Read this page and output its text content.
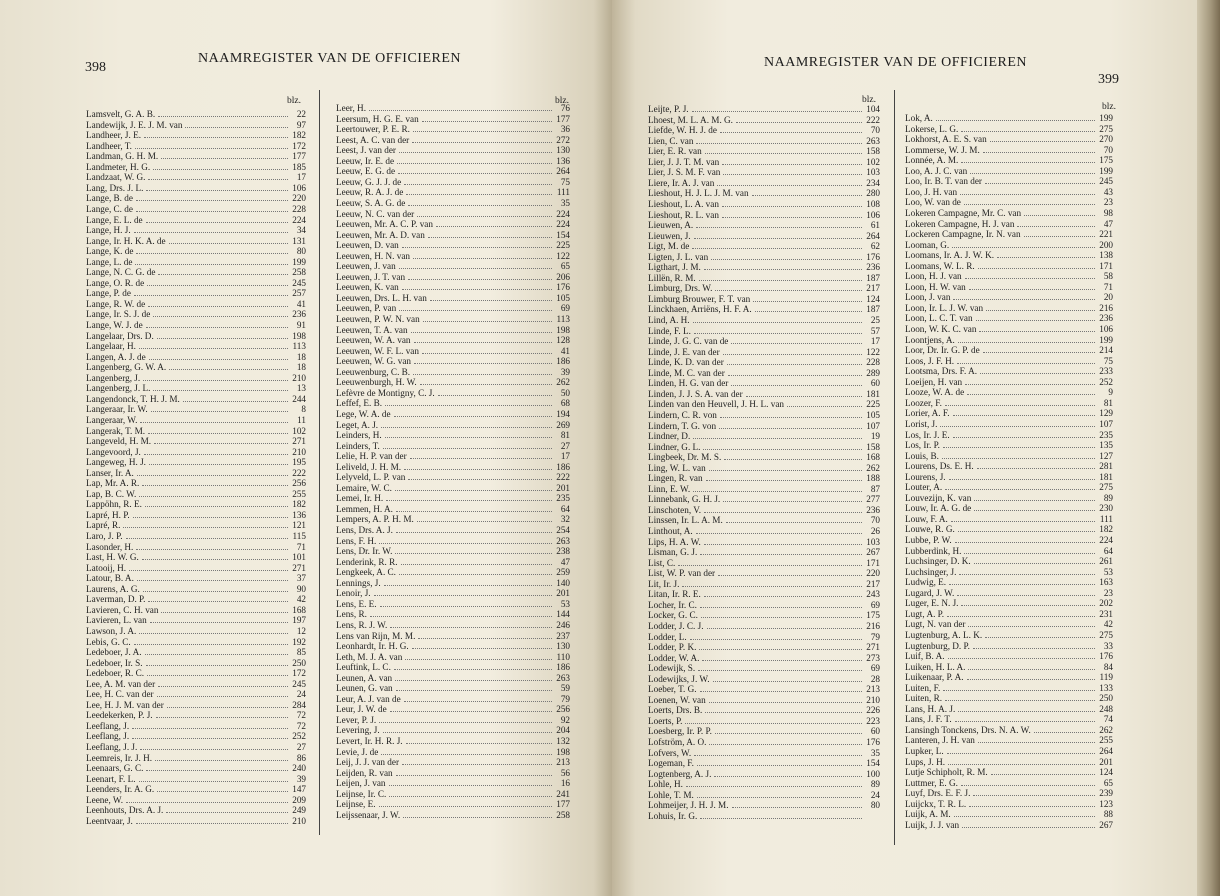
398
NAAMREGISTER VAN DE OFFICIEREN
blz.	blz.
Lamsvelt, G. A. B.	22
Landewijk, J. E. J. M. van	97
Landheer, J. E.	182
Landheer, T.	172
Landman, G. H. M.	177
Landmeter, H. G.	185
Landzaat, W. G.	17
Lang, Drs. J. L.	106
Lange, B. de	220
Lange, C. de	228
Lange, E. L. de	224
Lange, H. J.	34
Lange, Ir. H. K. A. de	131
Lange, K. de	80
Lange, L. de	199
Lange, N. C. G. de	258
Lange, O. R. de	245
Lange, P. de	257
Lange, R. W. de	41
Lange, Ir. S. J. de	236
Lange, W. J. de	91
Langelaar, Drs. D.	198
Langelaar, H.	113
Langen, A. J. de	18
Langenberg, G. W. A.	18
Langenberg, J.	210
Langenberg, J. L.	13
Langendonck, T. H. J. M.	244
Langeraar, Ir. W.	8
Langeraar, W.	11
Langerak, T. M.	102
Langeveld, H. M.	271
Langevoord, J.	210
Langeweg, H. J.	195
Lanser, Ir. A.	222
Lap, Mr. A. R.	256
Lap, B. C. W.	255
Lappöhn, R. E.	182
Lapré, H. P.	136
Lapré, R.	121
Laro, J. P.	115
Lasonder, H.	71
Last, H. W. G.	101
Latooij, H.	271
Latour, B. A.	37
Laurens, A. G.	90
Laverman, D. P.	42
Lavieren, C. H. van	168
Lavieren, L. van	197
Lawson, J. A.	12
Lebis, G. C.	192
Ledeboer, J. A.	85
Ledeboer, Ir. S.	250
Ledeboer, R. C.	172
Lee, A. M. van der	245
Lee, H. C. van der	24
Lee, H. J. M. van der	284
Leedekerken, P. J.	72
Leeflang, J.	72
Leeflang, J.	252
Leeflang, J. J.	27
Leemreis, Ir. J. H.	86
Leenaars, G. C.	240
Leenart, F. L.	39
Leenders, Ir. A. G.	147
Leene, W.	209
Leenhouts, Drs. A. J.	249
Leentvaar, J.	210
Leer, H.	76
Leersum, H. G. E. van	177
Leertouwer, P. E. R.	36
Leest, A. C. van der	272
Leest, J. van der	130
Leeuw, Ir. E. de	136
Leeuw, E. G. de	264
Leeuw, G. J. J. de	75
Leeuw, R. A. J. de	111
Leeuw, S. A. G. de	35
Leeuw, N. C. van der	224
Leeuwen, Mr. A. C. P. van	224
Leeuwen, Mr. A. D. van	154
Leeuwen, D. van	225
Leeuwen, H. N. van	122
Leeuwen, J. van	65
Leeuwen, J. T. van	206
Leeuwen, K. van	176
Leeuwen, Drs. L. H. van	105
Leeuwen, P. van	69
Leeuwen, P. W. N. van	113
Leeuwen, T. A. van	198
Leeuwen, W. A. van	128
Leeuwen, W. F. L. van	41
Leeuwen, W. G. van	186
Leeuwenburg, C. B.	39
Leeuwenburgh, H. W.	262
Lefèvre de Montigny, C. J.	50
Leffef, E. B.	68
Lege, W. A. de	194
Leget, A. J.	269
Leinders, H.	81
Leinders, T.	27
Lelie, H. P. van der	17
Leliveld, J. H. M.	186
Lelyveld, L. P. van	222
Lemaire, W. C.	201
Lemei, Ir. H.	235
Lemmen, H. A.	64
Lempers, A. P. H. M.	32
Lens, Drs. A. J.	254
Lens, F. H.	263
Lens, Dr. Ir. W.	238
Lenderink, R. R.	47
Lengkeek, A. C.	259
Lennings, J.	140
Lenoir, J.	201
Lens, E. E.	53
Lens, R.	144
Lens, R. J. W.	246
Lens van Rijn, M. M.	237
Leonhardt, Ir. H. G.	130
Leth, M. J. A. van	110
Leuftink, L. C.	186
Leunen, A. van	263
Leunen, G. van	59
Leur, A. J. van de	79
Leur, J. W. de	256
Lever, P. J.	92
Levering, J.	204
Levert, Ir. H. R. J.	132
Levie, J. de	198
Leij, J. J. van der	213
Leijden, R. van	56
Leijen, J. van	16
Leijnse, Ir. C.	241
Leijnse, E.	177
Leijssenaar, J. W.	258
NAAMREGISTER VAN DE OFFICIEREN
399
blz.
blz.
Leijte, P. J.	104
Lhoest, M. L. A. M. G.	222
Liefde, W. H. J. de	70
Lien, C. van	263
Lier, E. R. van	158
Lier, J. J. T. M. van	102
Lier, J. S. M. F. van	103
Liere, Ir. A. J. van	234
Lieshout, H. J. L. J. M. van	280
Lieshout, L. A. van	108
Lieshout, R. L. van	106
Lieuwen, A.	61
Lieuwen, J.	264
Ligt, M. de	62
Ligten, J. L. van	176
Ligthart, J. M.	236
Lillën, R. M.	187
Limburg, Drs. W.	217
Limburg Brouwer, F. T. van	124
Linckhaen, Arriëns, H. F. A.	187
Lind, A. H.	25
Linde, F. L.	57
Linde, J. G. C. van de	17
Linde, J. E. van der	122
Linde, K. D. van der	228
Linde, M. C. van der	289
Linden, H. G. van der	60
Linden, J. J. S. A. van der	181
Linden van den Heuvell, J. H. L. van	225
Lindern, C. R. von	105
Lindern, T. G. von	107
Lindner, D.	19
Lindner, G. L.	158
Lingbeek, Dr. M. S.	168
Ling, W. L. van	262
Lingen, R. van	188
Linn, E. W.	87
Linnebank, G. H. J.	277
Linschoten, V.	236
Linssen, Ir. L. A. M.	70
Linthout, A.	26
Lips, H. A. W.	103
Lisman, G. J.	267
List, C.	171
List, W. P. van der	220
Lit, Ir. J.	217
Litan, Ir. R. E.	243
Locher, Ir. C.	69
Locker, G. C.	175
Lodder, J. C. J.	216
Lodder, L.	79
Lodder, P. K.	271
Lodder, W. A.	273
Lodewijk, S.	69
Lodewijks, J. W.	28
Loeber, T. G.	213
Loenen, W. van	210
Loerts, Drs. B.	226
Loerts, P.	223
Loesberg, Ir. P. P.	60
Lofström, A. O.	176
Lofvers, W.	35
Logeman, F.	154
Logtenberg, A. J.	100
Lohle, H.	89
Lohle, T. M.	24
Lohmeijer, J. H. J. M.	80
Lohuis, Ir. G.
Lok, A.	199
Lokerse, L. G.	275
Lokhorst, A. E. S. van	270
Lommerse, W. J. M.	70
Lonnée, A. M.	175
Loo, A. J. C. van	199
Loo, Ir. B. T. van der	245
Loo, J. H. van	43
Loo, W. van de	23
Lokeren Campagne, Mr. C. van	98
Lokeren Campagne, H. J. van	47
Lockeren Campagne, Ir. N. van	221
Looman, G.	200
Loomans, Ir. A. J. W. K.	138
Loomans, W. L. R.	171
Loon, H. J. van	58
Loon, H. W. van	71
Loon, J. van	20
Loon, Ir. L. J. W. van	216
Loon, L. C. T. van	236
Loon, W. K. C. van	106
Loontjens, A.	199
Loor, Dr. Ir. G. P. de	214
Loos, J. F. H.	75
Lootsma, Drs. F. A.	233
Loeijen, H. van	252
Looze, W. A. de	9
Loozer, F.	81
Lorier, A. F.	129
Lorist, J.	107
Los, Ir. J. E.	235
Los, Ir. P.	135
Louis, B.	127
Lourens, Ds. E. H.	281
Lourens, J.	181
Louter, A.	275
Louvezijn, K. van	89
Louw, Ir. A. G. de	230
Louw, F. A.	111
Louwe, R. G.	182
Lubbe, P. W.	224
Lubberdink, H.	64
Luchsinger, D. K.	261
Luchsinger, J.	53
Ludwig, E.	163
Lugard, J. W.	23
Luger, E. N. J.	202
Lugt, A. P.	231
Lugt, N. van der	42
Lugtenburg, A. L. K.	275
Lugtenburg, D. P.	33
Luif, B. A.	176
Luiken, H. L. A.	84
Luikenaar, P. A.	119
Luiten, F.	133
Luiten, R.	250
Lans, H. A. J.	248
Lans, J. F. T.	74
Lansingh Tonckens, Drs. N. A. W.	262
Lanteren, J. H. van	255
Lupker, L.	264
Lups, J. H.	201
Lutje Schipholt, R. M.	124
Luttmer, E. G.	65
Luyf, Drs. E. F. J.	239
Luijckx, T. R. L.	123
Luijk, A. M.	88
Luijk, J. J. van	267
